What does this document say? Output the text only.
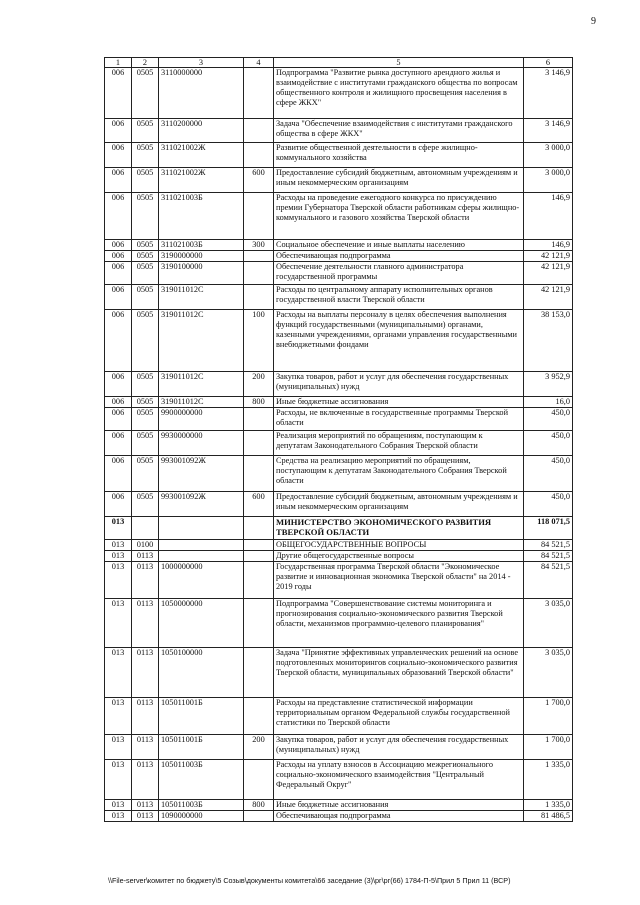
9
1	2	3	4	5	6
006	0505	3110000000		Подпрограмма "Развитие рынка доступного арендного жилья и взаимодействие с институтами гражданского общества по вопросам общественного контроля и жилищного просвещения населения в сфере ЖКХ"	3 146,9
006	0505	3110200000		Задача "Обеспечение взаимодействия с институтами гражданского общества в сфере ЖКХ"	3 146,9
006	0505	311021002Ж		Развитие общественной деятельности в сфере жилищно-коммунального хозяйства	3 000,0
006	0505	311021002Ж	600	Предоставление субсидий бюджетным, автономным учреждениям и иным некоммерческим организациям	3 000,0
006	0505	311021003Б		Расходы на проведение ежегодного конкурса по присуждению премии Губернатора Тверской области работникам сферы жилищно-коммунального и газового хозяйства Тверской области	146,9
006	0505	311021003Б	300	Социальное обеспечение и иные выплаты населению	146,9
006	0505	3190000000		Обеспечивающая подпрограмма	42 121,9
006	0505	3190100000		Обеспечение деятельности главного администратора государственной программы	42 121,9
006	0505	319011012С		Расходы по центральному аппарату исполнительных органов государственной власти Тверской области	42 121,9
006	0505	319011012С	100	Расходы на выплаты персоналу в целях обеспечения выполнения функций государственными (муниципальными) органами, казенными учреждениями, органами управления государственными внебюджетными фондами	38 153,0
006	0505	319011012С	200	Закупка товаров, работ и услуг для обеспечения государственных (муниципальных) нужд	3 952,9
006	0505	319011012С	800	Иные бюджетные ассигнования	16,0
006	0505	9900000000		Расходы, не включенные в государственные программы Тверской области	450,0
006	0505	9930000000		Реализация мероприятий по обращениям, поступающим к депутатам Законодательного Собрания Тверской области	450,0
006	0505	993001092Ж		Средства на реализацию мероприятий по обращениям, поступающим к депутатам Законодательного Собрания Тверской области	450,0
006	0505	993001092Ж	600	Предоставление субсидий бюджетным, автономным учреждениям и иным некоммерческим организациям	450,0
013				МИНИСТЕРСТВО ЭКОНОМИЧЕСКОГО РАЗВИТИЯ ТВЕРСКОЙ ОБЛАСТИ	118 071,5
013	0100			ОБЩЕГОСУДАРСТВЕННЫЕ ВОПРОСЫ	84 521,5
013	0113			Другие общегосударственные вопросы	84 521,5
013	0113	1000000000		Государственная программа Тверской области "Экономическое развитие и инновационная экономика Тверской области" на 2014 - 2019 годы	84 521,5
013	0113	1050000000		Подпрограмма "Совершенствование системы мониторинга и прогнозирования социально-экономического развития Тверской области, механизмов программно-целевого планирования"	3 035,0
013	0113	1050100000		Задача "Принятие эффективных управленческих решений на основе подготовленных мониторингов социально-экономического развития Тверской области, муниципальных образований Тверской области"	3 035,0
013	0113	105011001Б		Расходы на представление статистической информации территориальным органом Федеральной службы государственной статистики по Тверской области	1 700,0
013	0113	105011001Б	200	Закупка товаров, работ и услуг для обеспечения государственных (муниципальных) нужд	1 700,0
013	0113	105011003Б		Расходы на уплату взносов в Ассоциацию межрегионального социально-экономического взаимодействия "Центральный Федеральный Округ"	1 335,0
013	0113	105011003Б	800	Иные бюджетные ассигнования	1 335,0
013	0113	1090000000		Обеспечивающая подпрограмма	81 486,5
\\File-server\комитет по бюджету\5 Созыв\документы комитета\66 заседание (3)\рг\рг(66) 1784-П-5\Прил 5 Прил 11 (ВСР)
